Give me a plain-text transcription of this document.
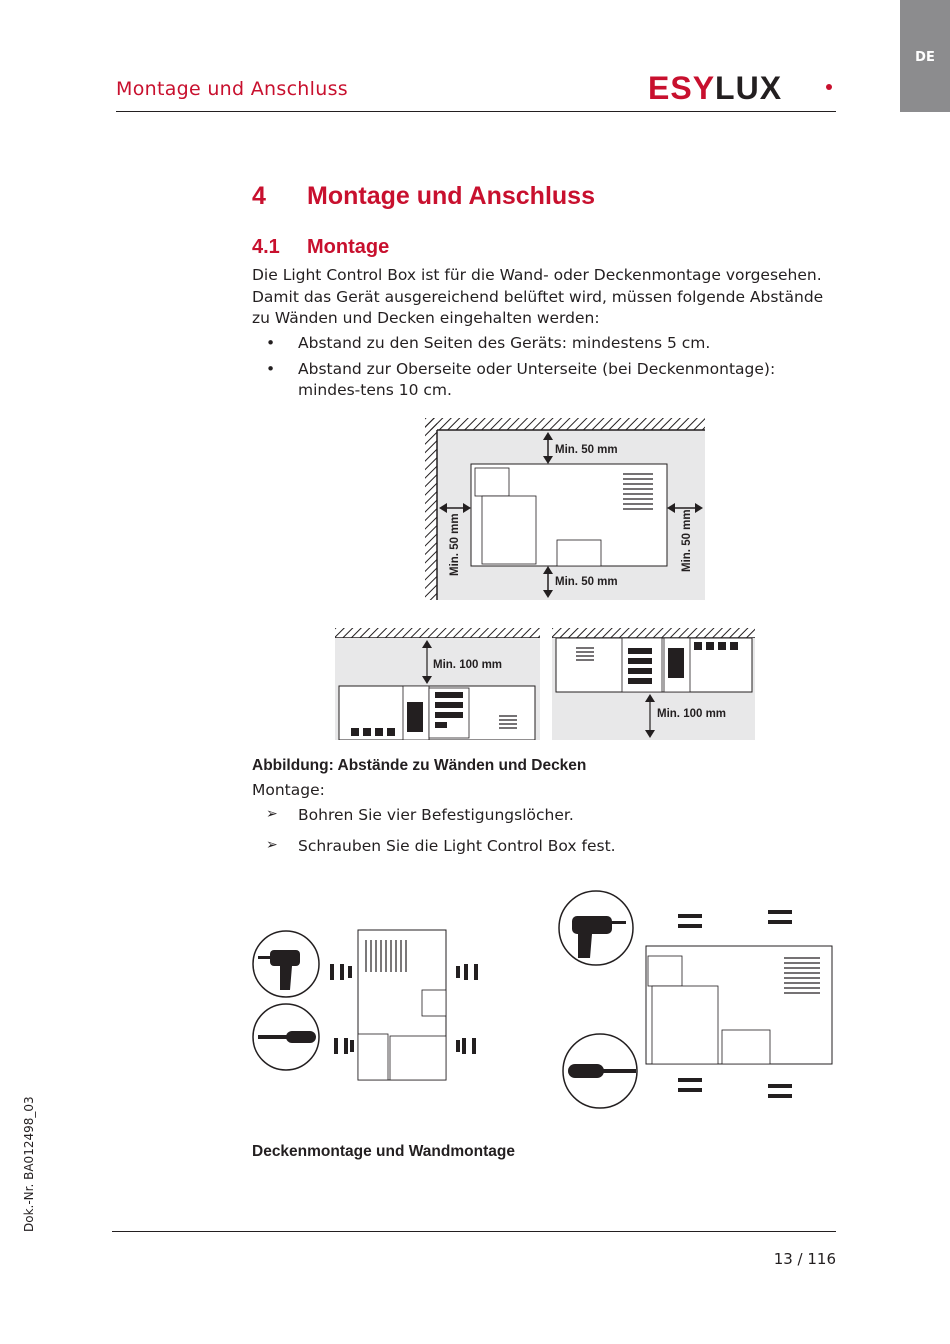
DE
Montage und Anschluss	ESYLUX
4 Montage und Anschluss
4.1 Montage

Die Light Control Box ist für die Wand- oder Deckenmontage vorgesehen. Damit das Gerät ausgereichend belüftet wird, müssen folgende Abstände zu Wänden und Decken eingehalten werden:

• Abstand zu den Seiten des Geräts: mindestens 5 cm.
• Abstand zur Oberseite oder Unterseite (bei Deckenmontage): mindes-tens 10 cm.
Min. 50 mm
Min. 50 mm
Min. 50 mm	Min. 50 mm
Min. 100 mm
Min. 100 mm
Abbildung: Abstände zu Wänden und Decken
Montage:
➢ Bohren Sie vier Befestigungslöcher.
➢ Schrauben Sie die Light Control Box fest.
Deckenmontage und Wandmontage
Dok.-Nr. BA012498_03
13 / 116
